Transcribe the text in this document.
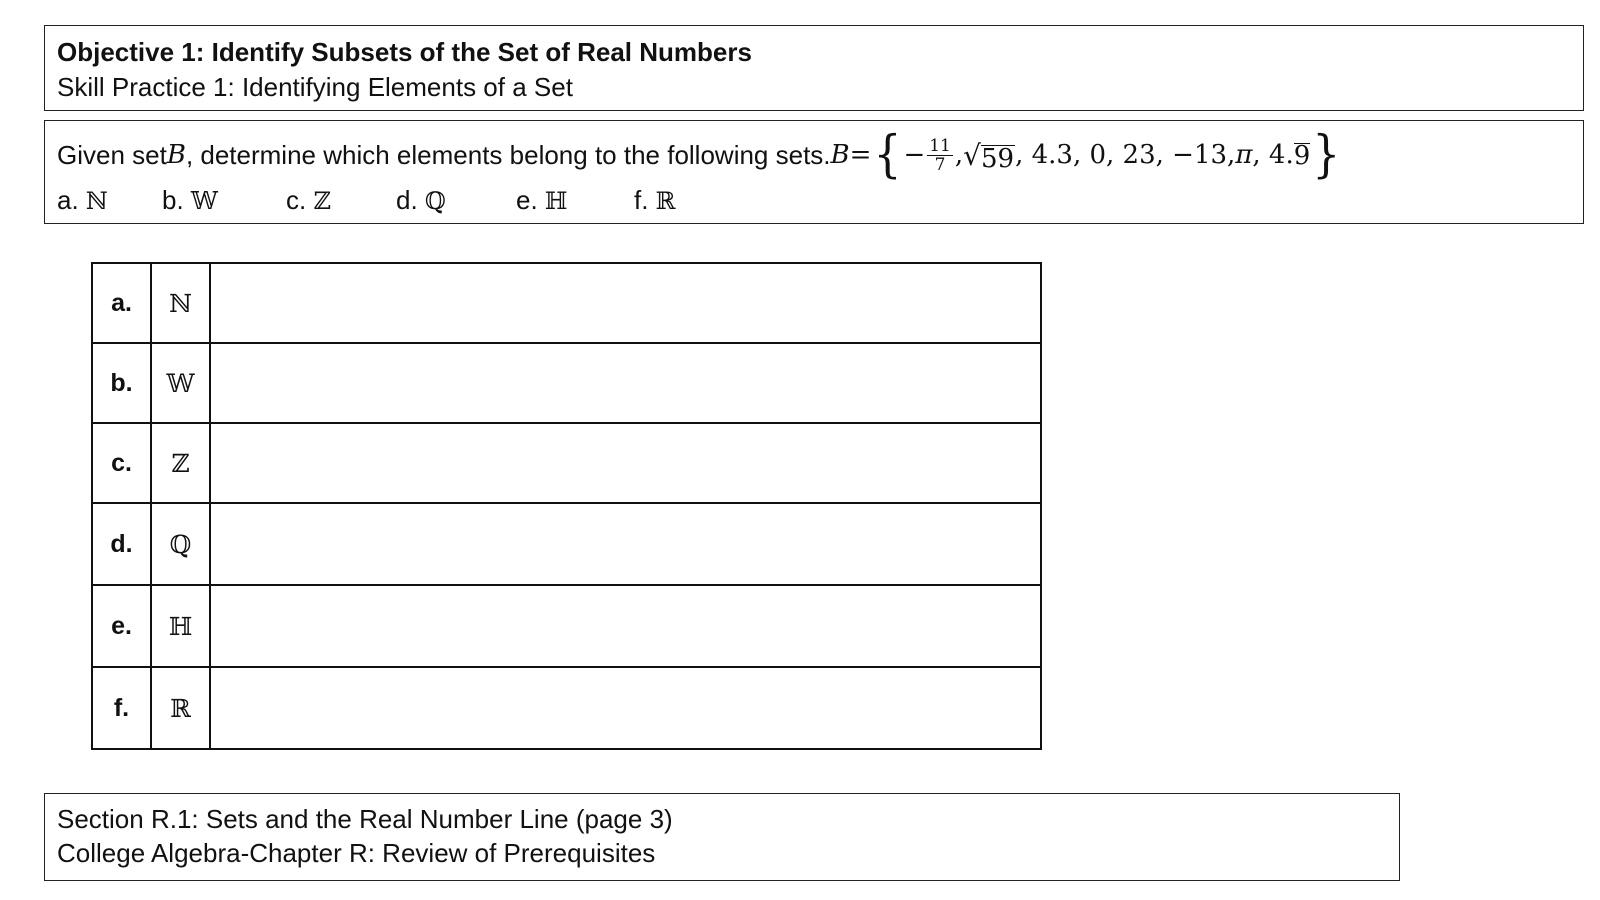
Objective 1: Identify Subsets of the Set of Real Numbers
Skill Practice 1: Identifying Elements of a Set
Given set B , determine which elements belong to the following sets. B = { − $\frac{11}{7}$ , √ 59 , 4.3, 0, 23, −13, π , 4. 9 }
a. ℕ	b. 𝕎	c. ℤ	d. ℚ	e. ℍ	f. ℝ
a.	ℕ	
b.	𝕎	
c.	ℤ	
d.	ℚ	
e.	ℍ	
f.	ℝ	
Section R.1: Sets and the Real Number Line (page 3)
College Algebra-Chapter R: Review of Prerequisites
